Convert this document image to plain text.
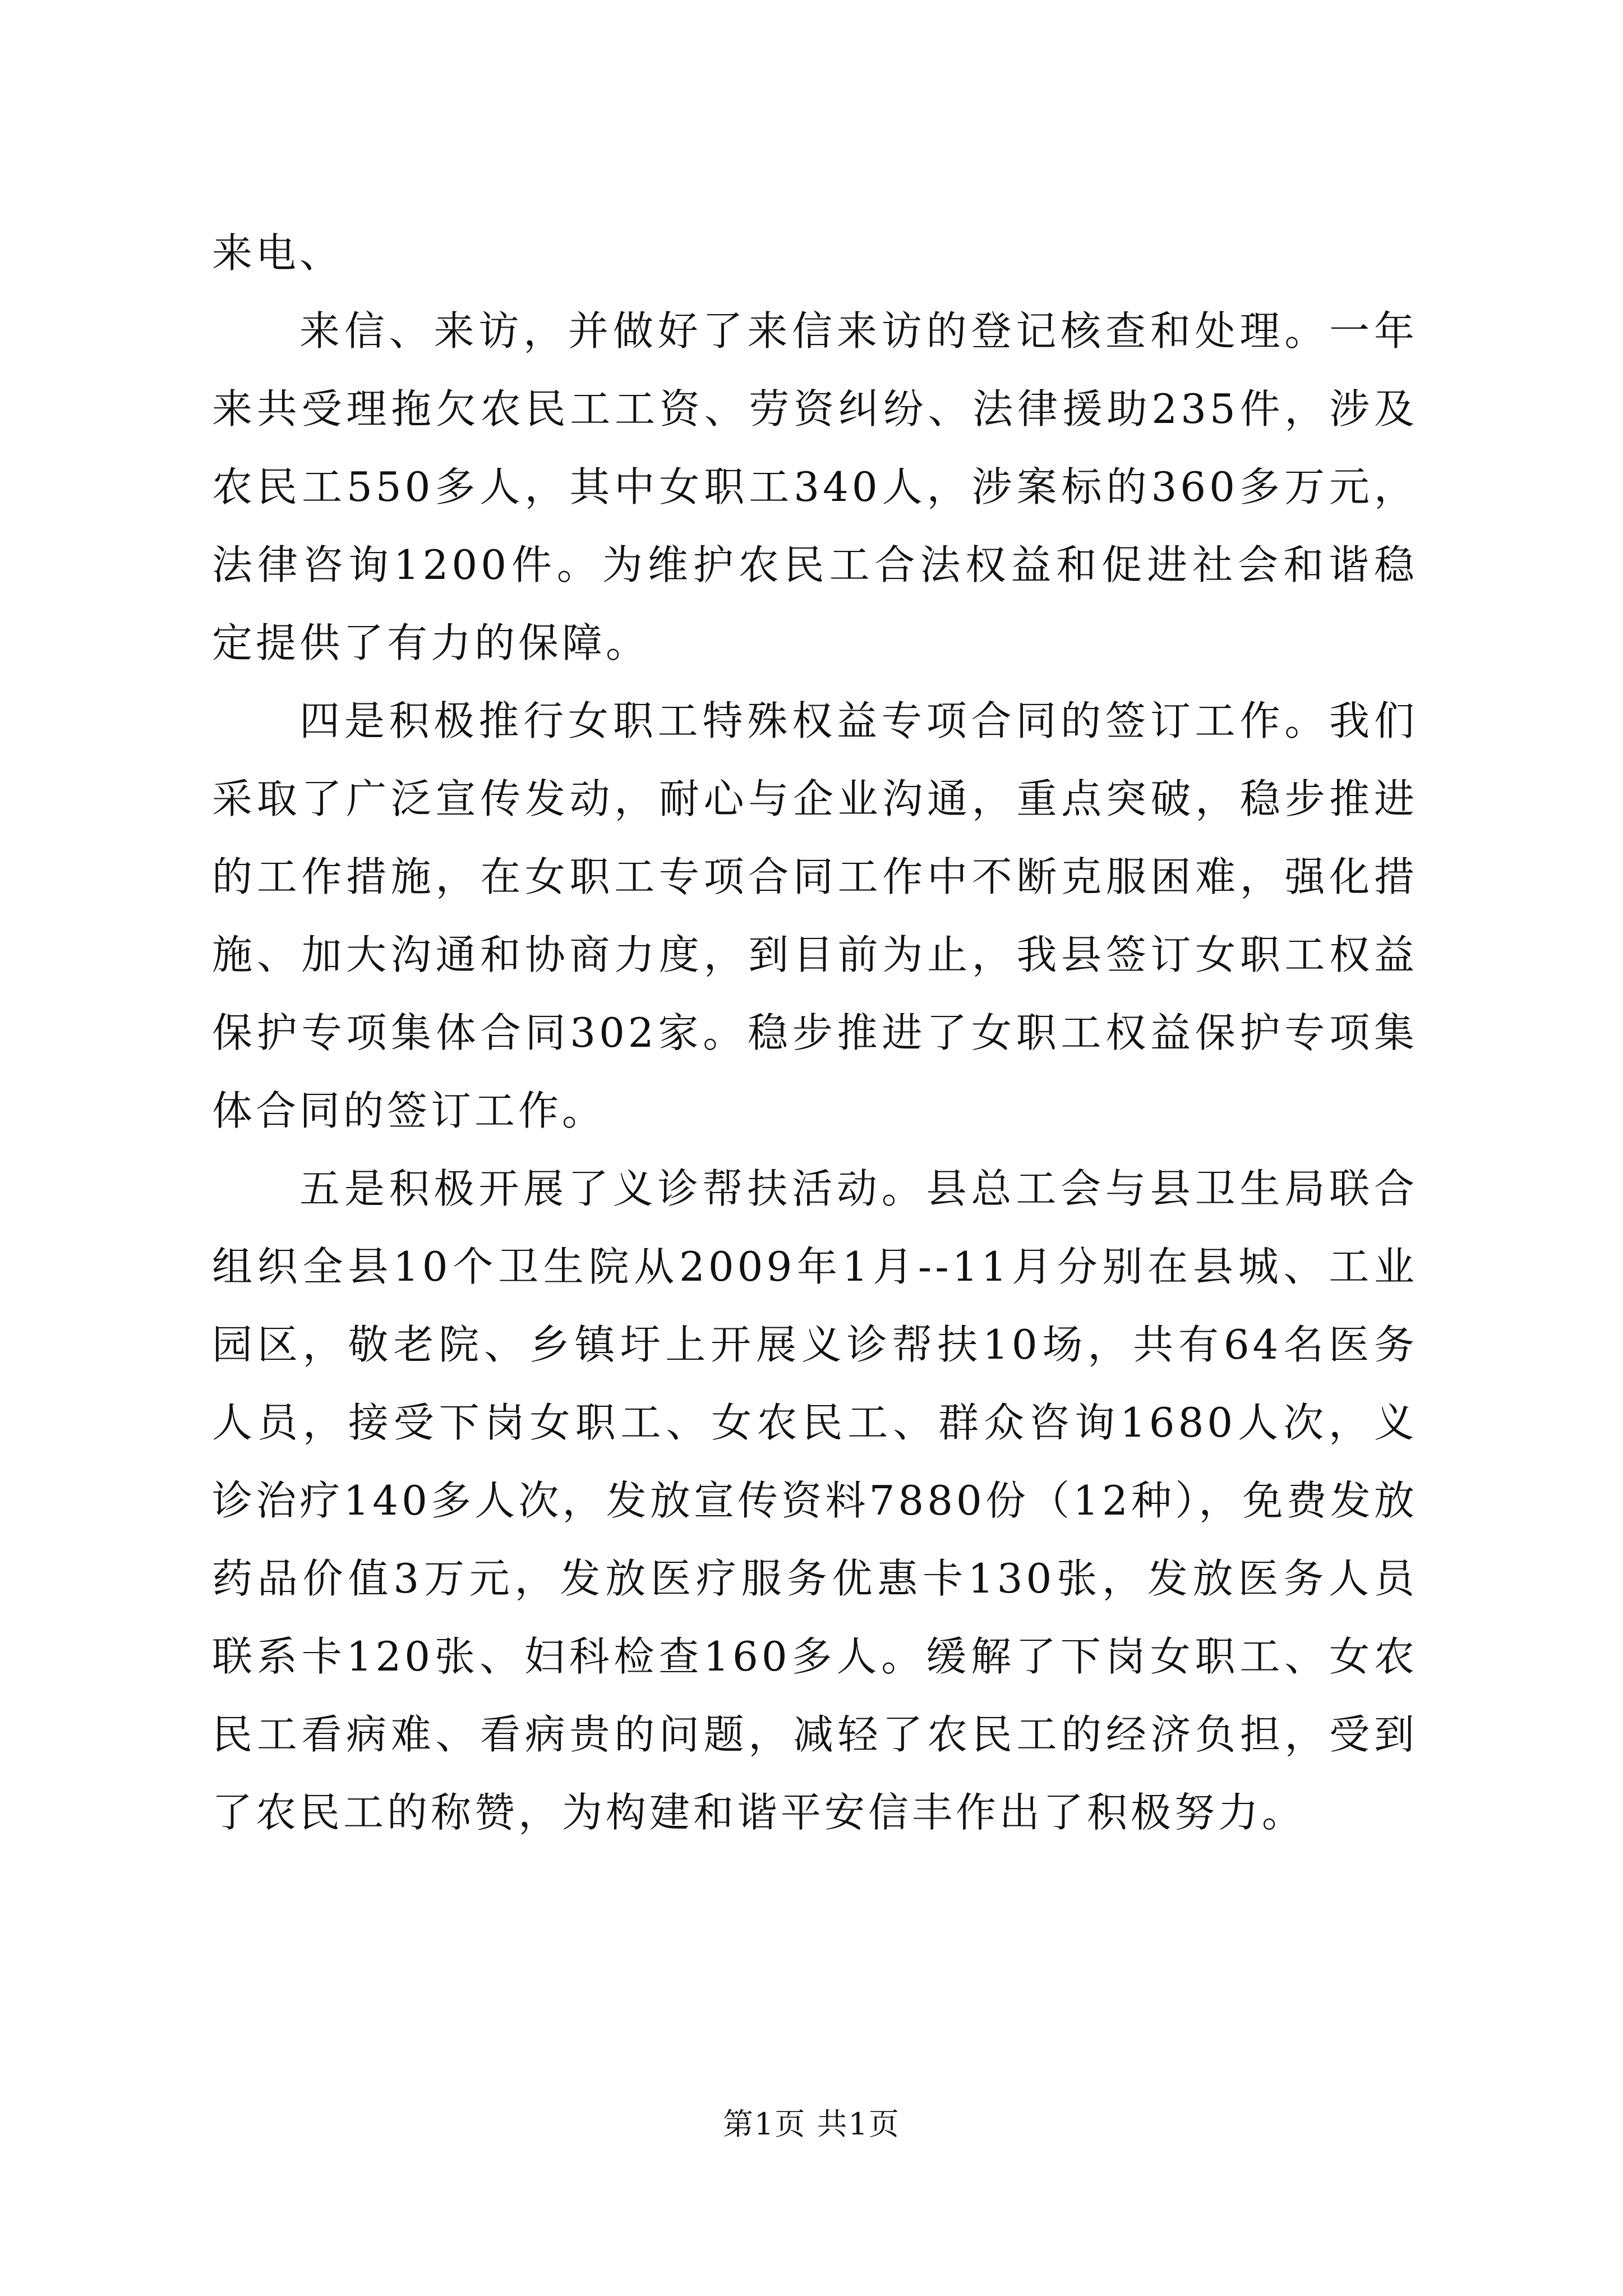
来电、

来信、来访，并做好了来信来访的登记核查和处理。一年来共受理拖欠农民工工资、劳资纠纷、法律援助235件，涉及农民工550多人，其中女职工340人，涉案标的360多万元，法律咨询1200件。为维护农民工合法权益和促进社会和谐稳定提供了有力的保障。

四是积极推行女职工特殊权益专项合同的签订工作。我们采取了广泛宣传发动，耐心与企业沟通，重点突破，稳步推进的工作措施，在女职工专项合同工作中不断克服困难，强化措施、加大沟通和协商力度，到目前为止，我县签订女职工权益保护专项集体合同302家。稳步推进了女职工权益保护专项集体合同的签订工作。

五是积极开展了义诊帮扶活动。县总工会与县卫生局联合组织全县10个卫生院从2009年1月--11月分别在县城、工业园区，敬老院、乡镇圩上开展义诊帮扶10场，共有64名医务人员，接受下岗女职工、女农民工、群众咨询1680人次，义诊治疗140多人次，发放宣传资料7880份（12种），免费发放药品价值3万元，发放医疗服务优惠卡130张，发放医务人员联系卡120张、妇科检查160多人。缓解了下岗女职工、女农民工看病难、看病贵的问题，减轻了农民工的经济负担，受到了农民工的称赞，为构建和谐平安信丰作出了积极努力。

第1页 共1页
